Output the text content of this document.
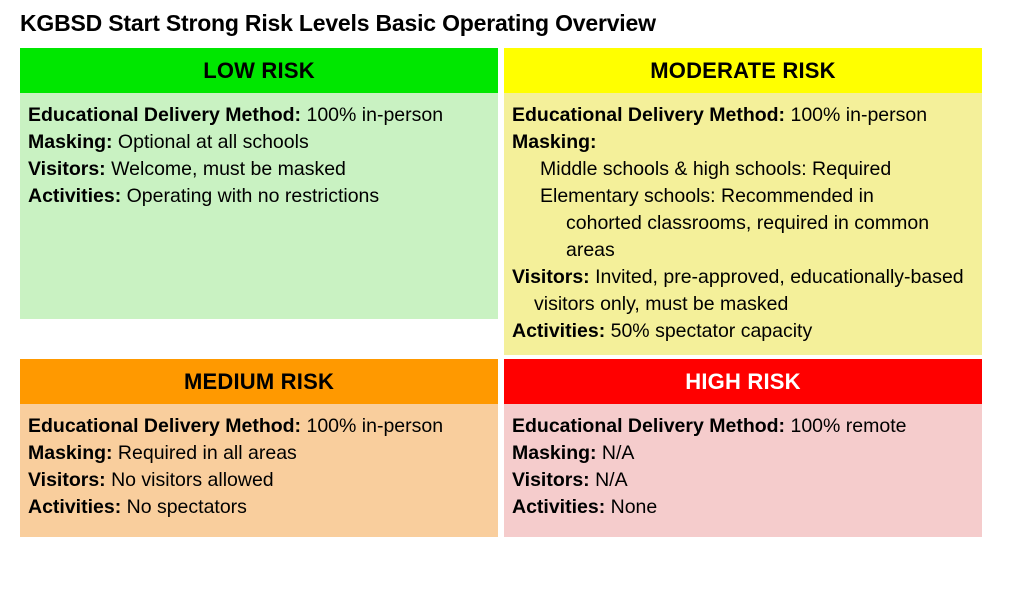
KGBSD Start Strong Risk Levels Basic Operating Overview
LOW RISK
Educational Delivery Method: 100% in-person
Masking: Optional at all schools
Visitors: Welcome, must be masked
Activities: Operating with no restrictions
MODERATE RISK
Educational Delivery Method: 100% in-person
Masking:
Middle schools & high schools: Required
Elementary schools: Recommended in
cohorted classrooms, required in common
areas
Visitors: Invited, pre-approved, educationally-based visitors only, must be masked
Activities: 50% spectator capacity
MEDIUM RISK
Educational Delivery Method: 100% in-person
Masking: Required in all areas
Visitors: No visitors allowed
Activities: No spectators
HIGH RISK
Educational Delivery Method: 100% remote
Masking: N/A
Visitors: N/A
Activities: None
